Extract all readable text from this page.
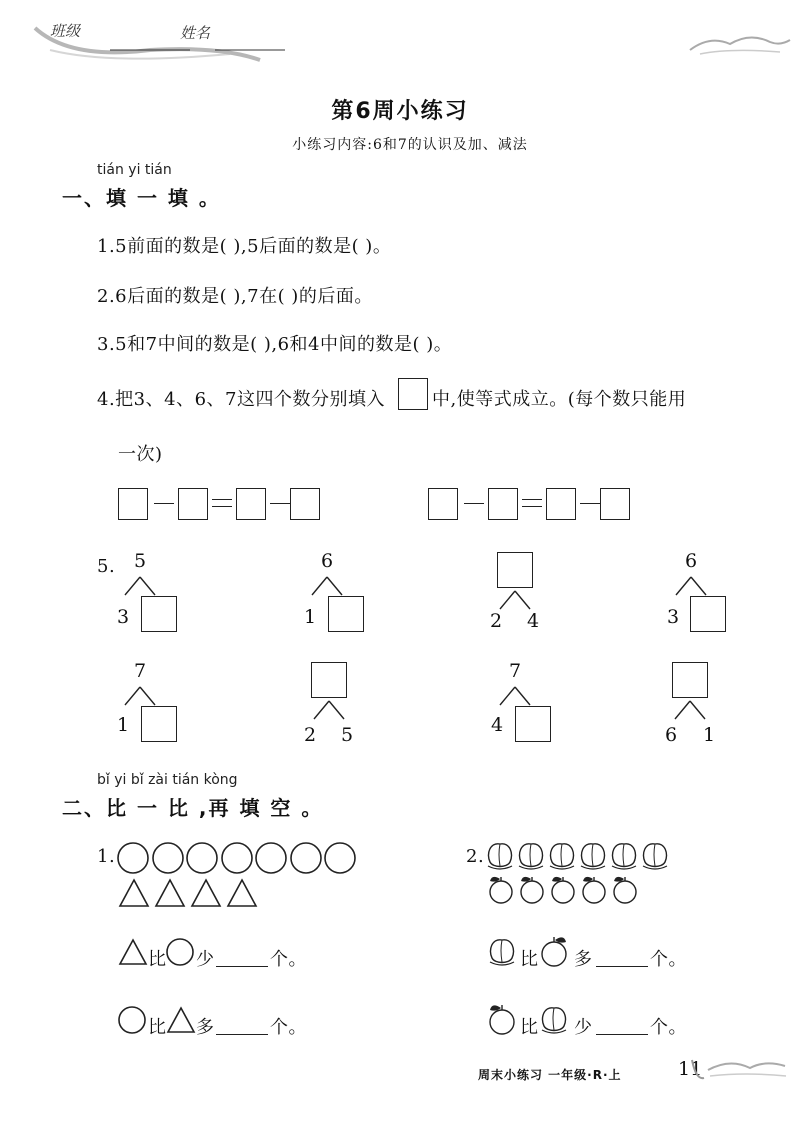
班级	姓名
第6周小练习
小练习内容:6和7的认识及加、减法
tián yi tián
一、填 一 填 。
1.5前面的数是( ),5后面的数是( )。
2.6后面的数是( ),7在( )的后面。
3.5和7中间的数是( ),6和4中间的数是( )。
4.把3、4、6、7这四个数分别填入	中,使等式成立。(每个数只能用
一次)
5. 5
3
6
1	2 4
6
3
7
1	2 5
7
4	6 1
bǐ yi bǐ zài tián kòng
二、比 一 比 ,再 填 空 。
1.	2.
比 少	个。
比 多	个。
比 多	个。
比 少	个。
周末小练习 一年级·R·上	11
